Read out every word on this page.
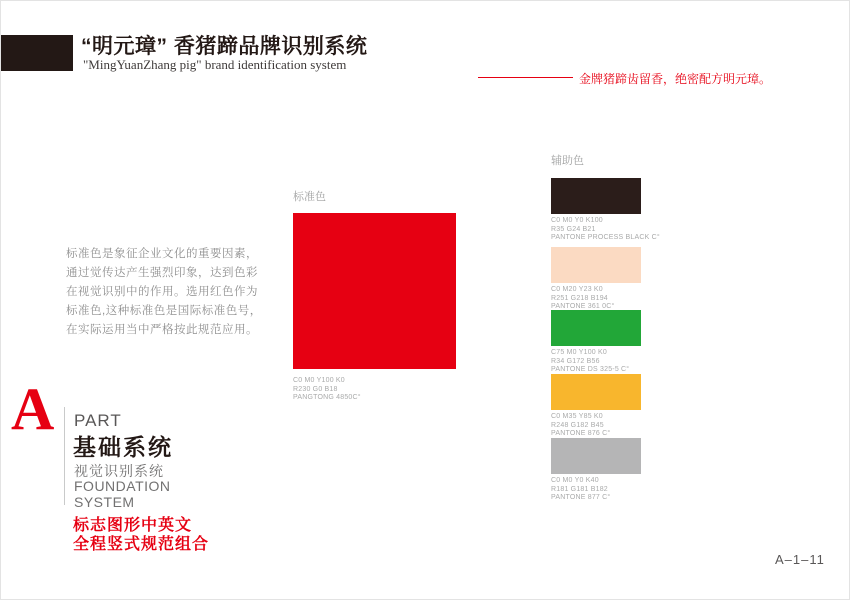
“明元璋” 香猪蹄品牌识别系统
"MingYuanZhang pig" brand identification system
金牌猪蹄齿留香，绝密配方明元璋。
标准色是象征企业文化的重要因素，
通过觉传达产生强烈印象，达到色彩
在视觉识别中的作用。选用红色作为
标准色,这种标准色是国际标准色号，
在实际运用当中严格按此规范应用。
标准色
C0 M0 Y100 K0
R230 G0 B18
PANGTONG 4850C°
辅助色
C0 M0 Y0 K100
R35 G24 B21
PANTONE PROCESS BLACK C°
C0 M20 Y23 K0
R251 G218 B194
PANTONE 361 0C°
C75 M0 Y100 K0
R34 G172 B56
PANTONE DS 325-5 C°
C0 M35 Y85 K0
R248 G182 B45
PANTONE 876 C°
C0 M0 Y0 K40
R181 G181 B182
PANTONE 877 C°
A PART
基础系统
视觉识别系统
FOUNDATION
SYSTEM
标志图形中英文
全程竖式规范组合
A–1–11
